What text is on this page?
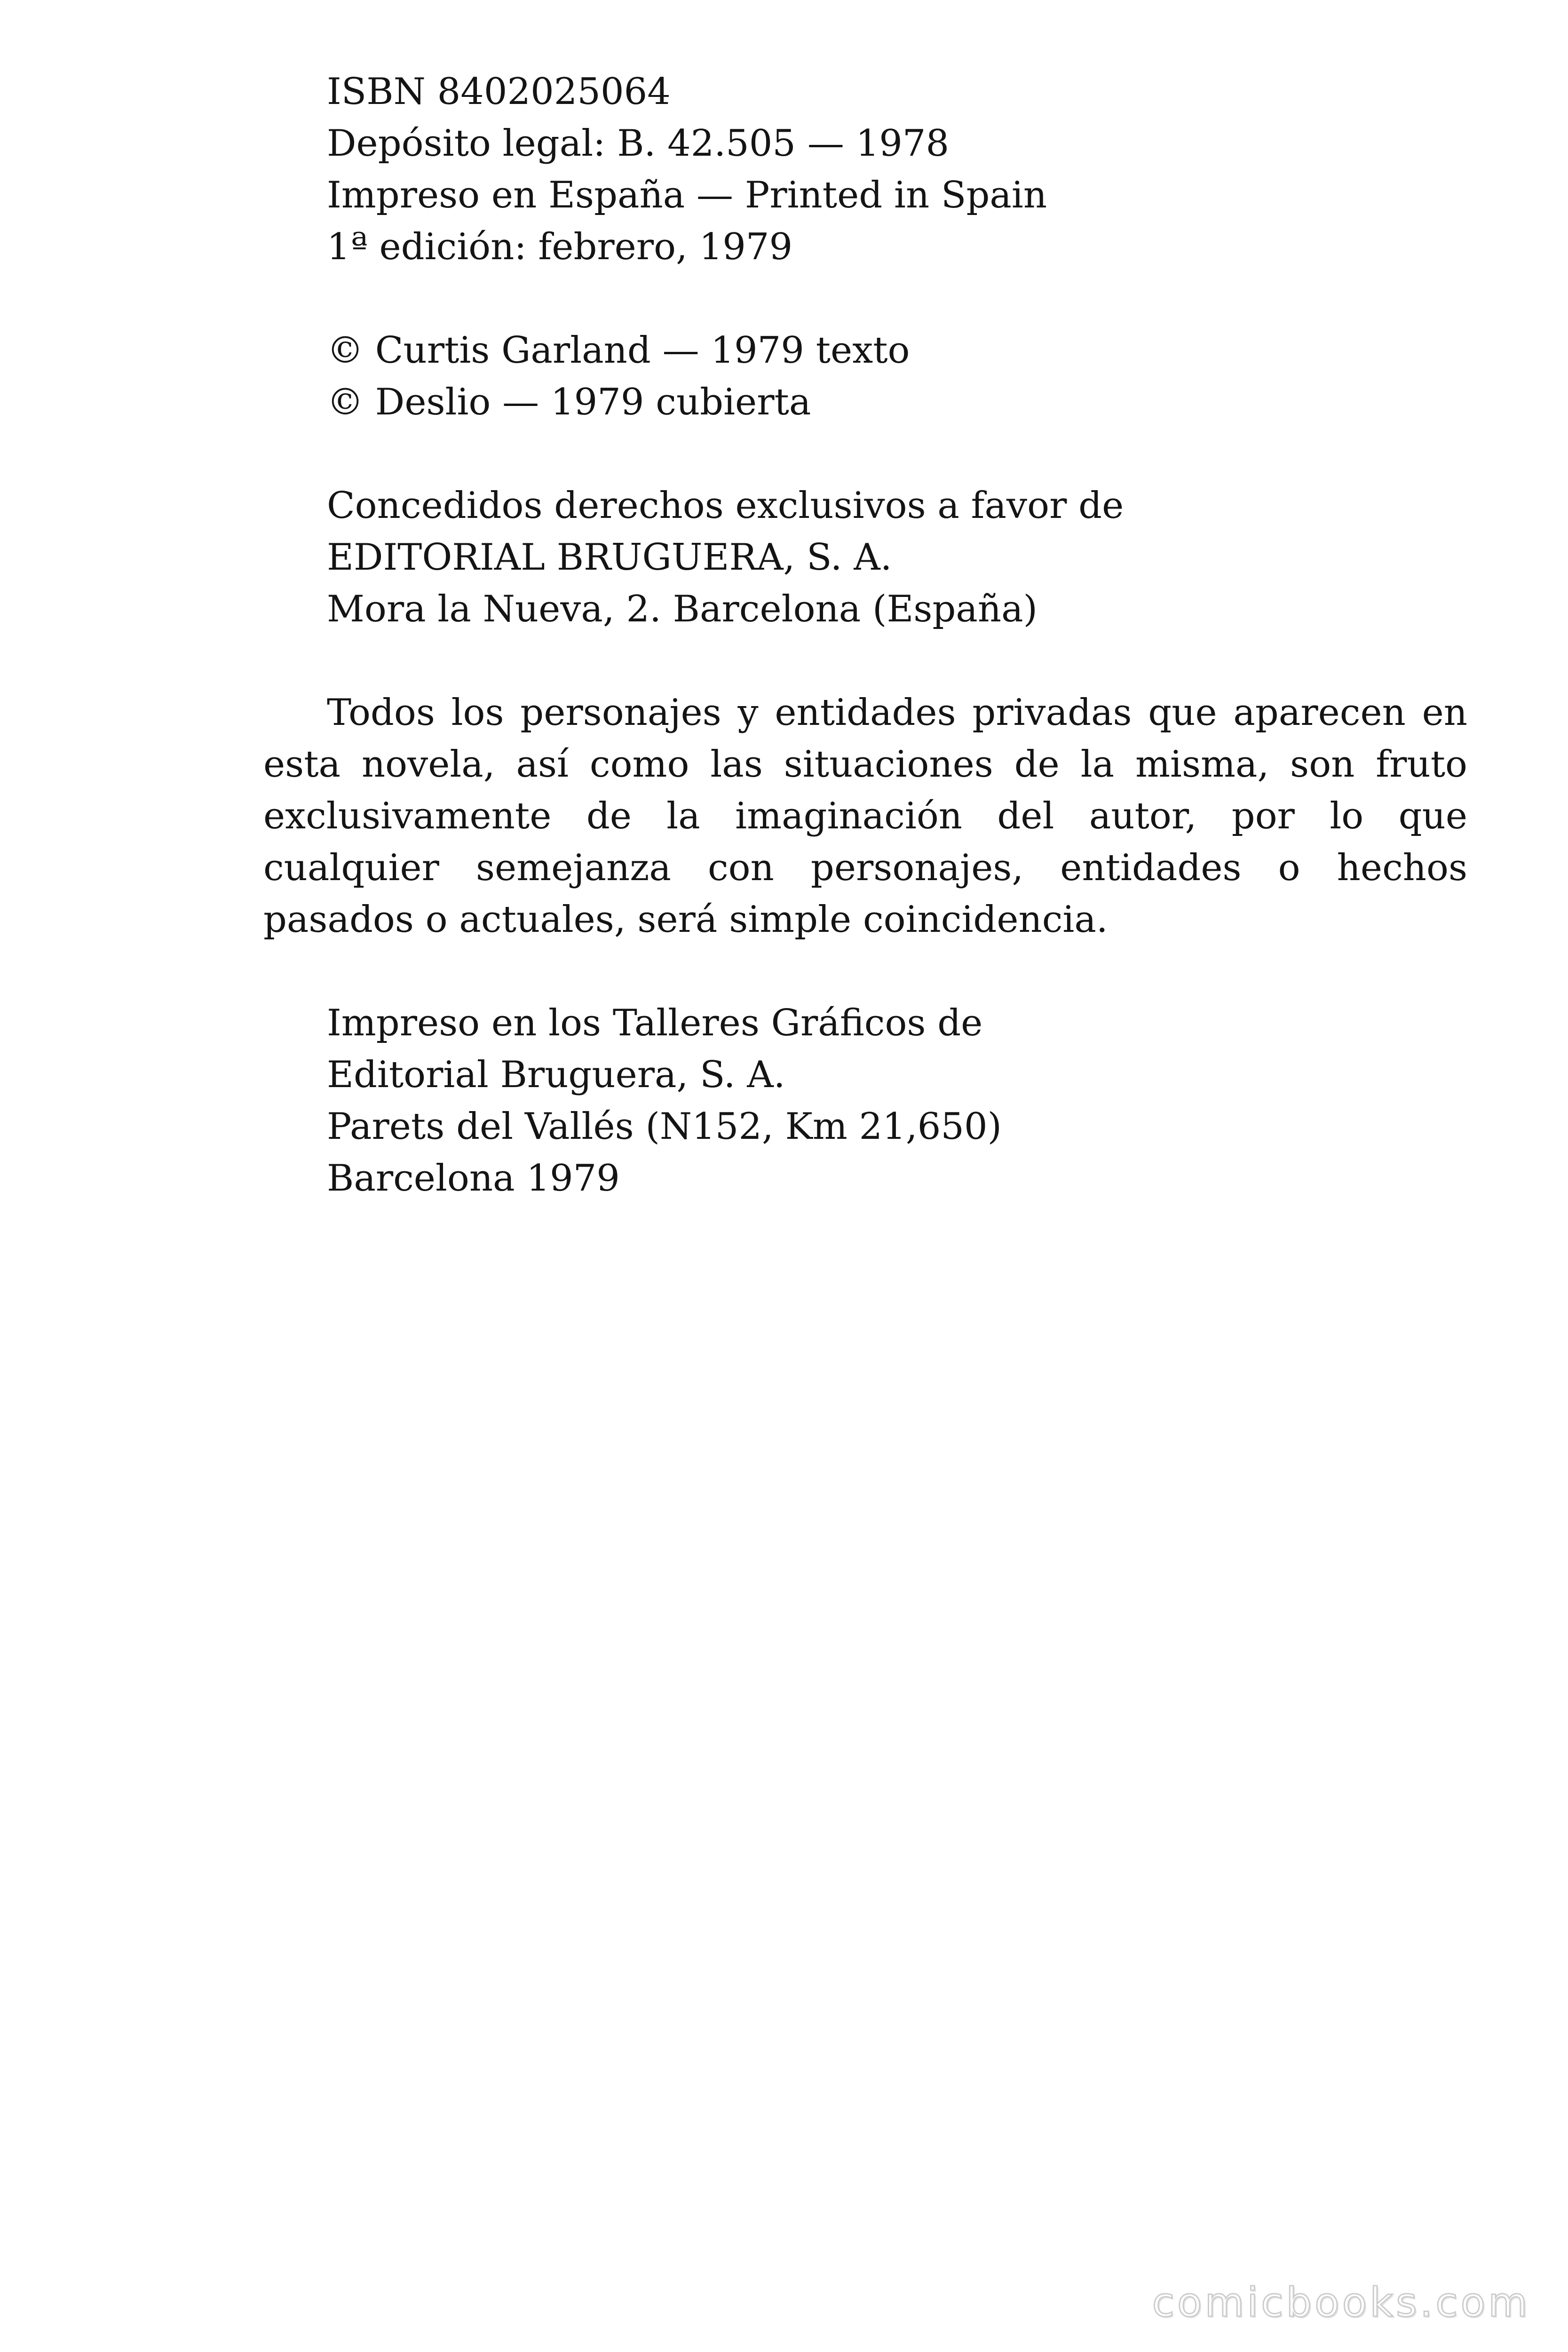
ISBN 8402025064
Depósito legal: B. 42.505 — 1978
Impreso en España — Printed in Spain
1ª edición: febrero, 1979
© Curtis Garland — 1979 texto
© Deslio — 1979 cubierta
Concedidos derechos exclusivos a favor de
EDITORIAL BRUGUERA, S. A.
Mora la Nueva, 2. Barcelona (España)
Todos los personajes y entidades privadas que aparecen en
esta novela, así como las situaciones de la misma, son fruto
exclusivamente de la imaginación del autor, por lo que
cualquier semejanza con personajes, entidades o hechos
pasados o actuales, será simple coincidencia.
Impreso en los Talleres Gráficos de
Editorial Bruguera, S. A.
Parets del Vallés (N152, Km 21,650)
Barcelona 1979
comicbooks.com
